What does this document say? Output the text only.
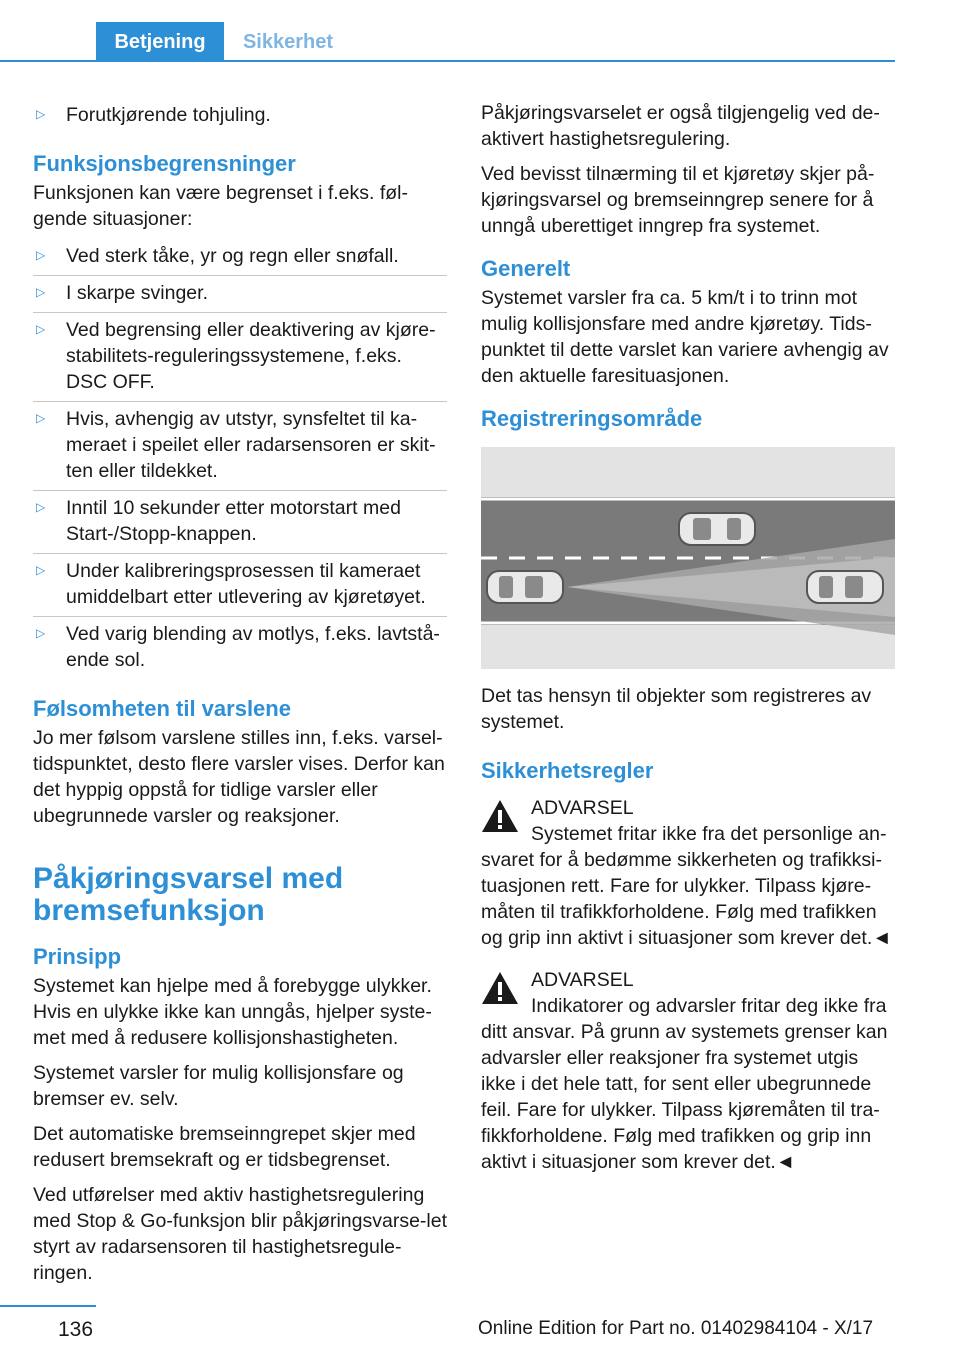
Betjening	Sikkerhet
▷ Forutkjørende tohjuling.
Funksjonsbegrensninger

Funksjonen kan være begrenset i f.eks. føl-gende situasjoner:

▷ Ved sterk tåke, yr og regn eller snøfall.
▷ I skarpe svinger.
▷ Ved begrensing eller deaktivering av kjøre-stabilitets-reguleringssystemene, f.eks. DSC OFF.
▷ Hvis, avhengig av utstyr, synsfeltet til ka-meraet i speilet eller radarsensoren er skit-ten eller tildekket.
▷ Inntil 10 sekunder etter motorstart med Start-/Stopp-knappen.
▷ Under kalibreringsprosessen til kameraet umiddelbart etter utlevering av kjøretøyet.
▷ Ved varig blending av motlys, f.eks. lavtstå-ende sol.
Følsomheten til varslene

Jo mer følsom varslene stilles inn, f.eks. varsel-tidspunktet, desto flere varsler vises. Derfor kan det hyppig oppstå for tidlige varsler eller ubegrunnede varsler og reaksjoner.

Påkjøringsvarsel med bremsefunksjon
Prinsipp

Systemet kan hjelpe med å forebygge ulykker. Hvis en ulykke ikke kan unngås, hjelper syste-met med å redusere kollisjonshastigheten.

Systemet varsler for mulig kollisjonsfare og bremser ev. selv.

Det automatiske bremseinngrepet skjer med redusert bremsekraft og er tidsbegrenset.

Ved utførelser med aktiv hastighetsregulering med Stop & Go-funksjon blir påkjøringsvarse-let styrt av radarsensoren til hastighetsregule-ringen.

Påkjøringsvarselet er også tilgjengelig ved de-aktivert hastighetsregulering.

Ved bevisst tilnærming til et kjøretøy skjer på-kjøringsvarsel og bremseinngrep senere for å unngå uberettiget inngrep fra systemet.

Generelt

Systemet varsler fra ca. 5 km/t i to trinn mot mulig kollisjonsfare med andre kjøretøy. Tids-punktet til dette varslet kan variere avhengig av den aktuelle faresituasjonen.

Registreringsområde

Det tas hensyn til objekter som registreres av systemet.

Sikkerhetsregler

ADVARSEL

Systemet fritar ikke fra det personlige an-

svaret for å bedømme sikkerheten og trafikksi-tuasjonen rett. Fare for ulykker. Tilpass kjøre-måten til trafikkforholdene. Følg med trafikken og grip inn aktivt i situasjoner som krever det.◄

ADVARSEL

Indikatorer og advarsler fritar deg ikke fra

ditt ansvar. På grunn av systemets grenser kan advarsler eller reaksjoner fra systemet utgis ikke i det hele tatt, for sent eller ubegrunnede feil. Fare for ulykker. Tilpass kjøremåten til tra-fikkforholdene. Følg med trafikken og grip inn aktivt i situasjoner som krever det.◄

136	Online Edition for Part no. 01402984104 - X/17
